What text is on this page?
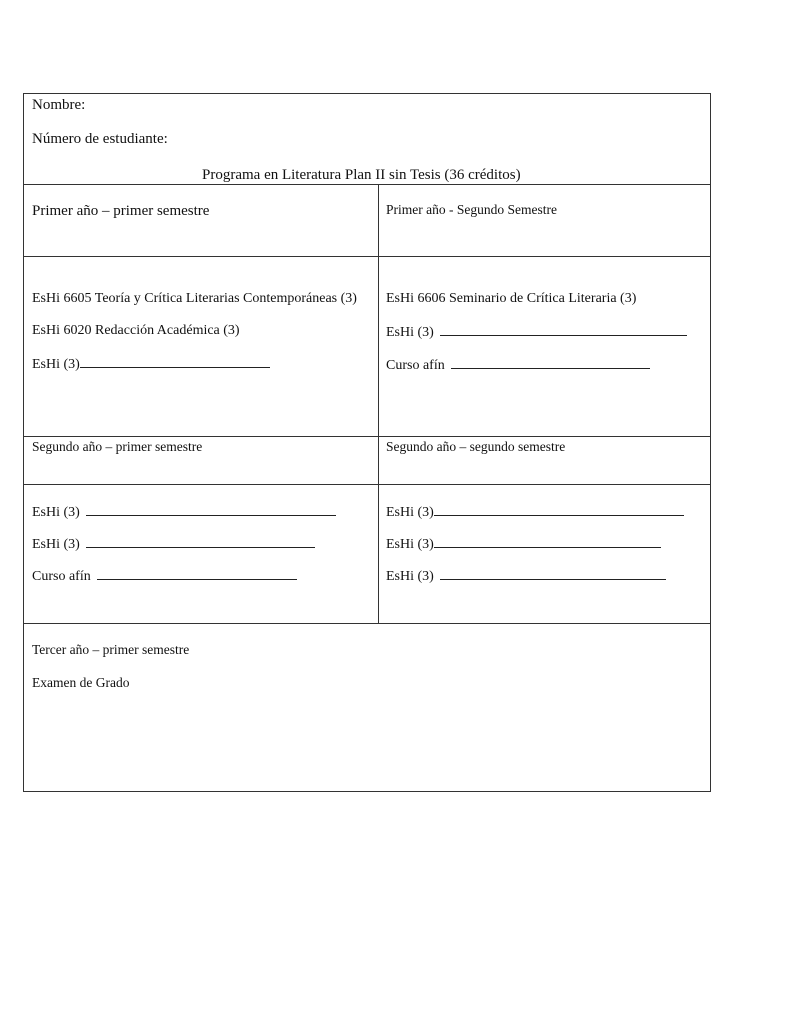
Nombre:
Número de estudiante:
Programa en Literatura Plan II sin Tesis (36 créditos)
Primer año – primer semestre	Primer año - Segundo Semestre
EsHi 6605 Teoría y Crítica Literarias Contemporáneas (3)
EsHi 6020 Redacción Académica (3)
EsHi (3)
EsHi 6606 Seminario de Crítica Literaria (3)
EsHi (3)
Curso afín
Segundo año – primer semestre	Segundo año – segundo semestre
EsHi (3)
EsHi (3)
Curso afín
EsHi (3)
EsHi (3)
EsHi (3)
Tercer año – primer semestre
Examen de Grado
